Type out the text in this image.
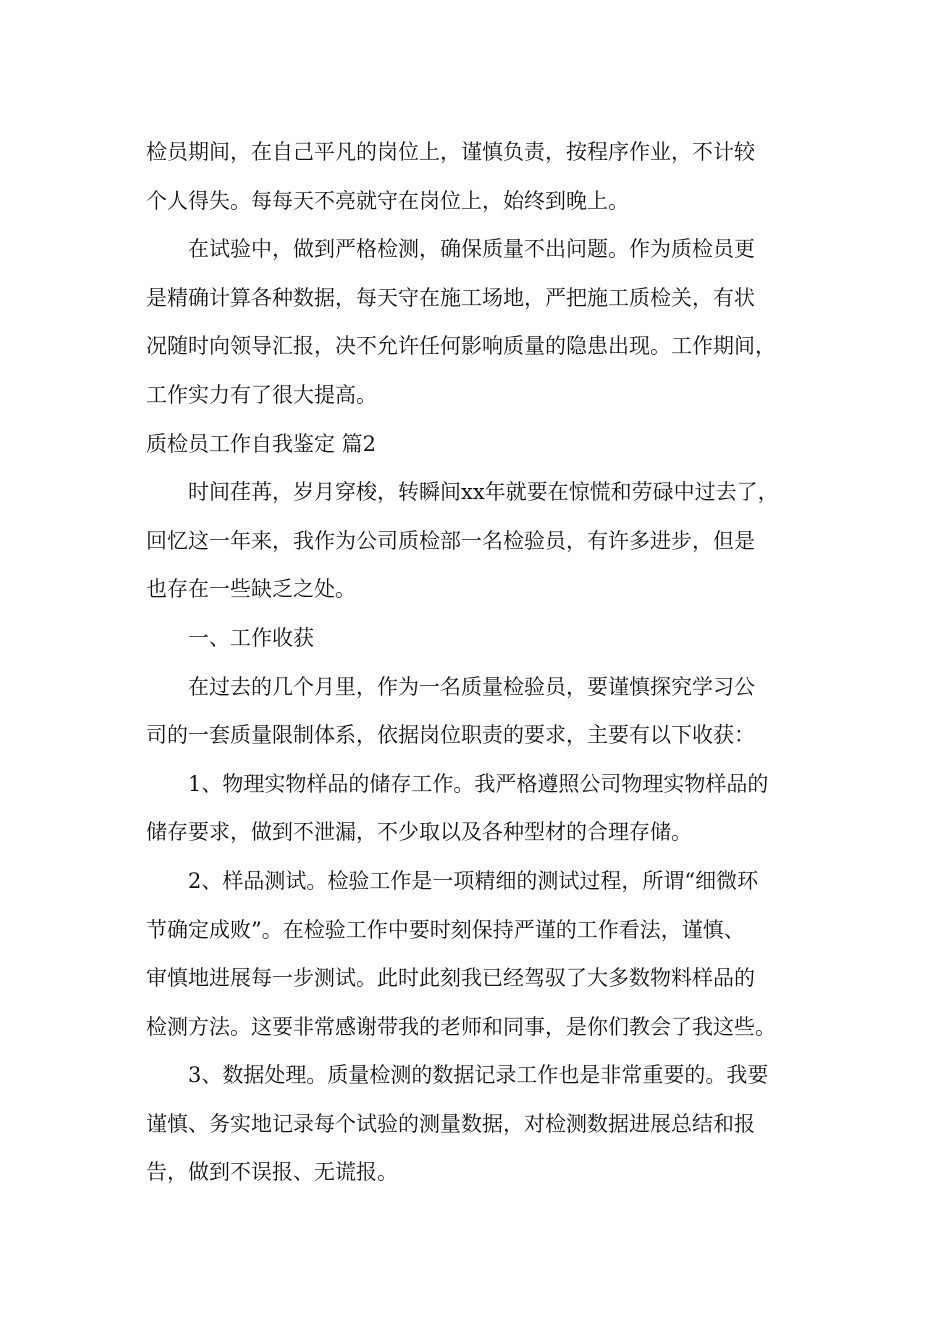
检员期间，在自己平凡的岗位上，谨慎负责，按程序作业，不计较

个人得失。每每天不亮就守在岗位上，始终到晚上。

在试验中，做到严格检测，确保质量不出问题。作为质检员更

是精确计算各种数据，每天守在施工场地，严把施工质检关，有状

况随时向领导汇报，决不允许任何影响质量的隐患出现。工作期间，

工作实力有了很大提高。

质检员工作自我鉴定 篇2

时间荏苒，岁月穿梭，转瞬间xx年就要在惊慌和劳碌中过去了，

回忆这一年来，我作为公司质检部一名检验员，有许多进步，但是

也存在一些缺乏之处。

一、工作收获

在过去的几个月里，作为一名质量检验员，要谨慎探究学习公

司的一套质量限制体系，依据岗位职责的要求，主要有以下收获：

1、物理实物样品的储存工作。我严格遵照公司物理实物样品的

储存要求，做到不泄漏，不少取以及各种型材的合理存储。

2、样品测试。检验工作是一项精细的测试过程，所谓“细微环

节确定成败”。在检验工作中要时刻保持严谨的工作看法，谨慎、

审慎地进展每一步测试。此时此刻我已经驾驭了大多数物料样品的

检测方法。这要非常感谢带我的老师和同事，是你们教会了我这些。

3、数据处理。质量检测的数据记录工作也是非常重要的。我要

谨慎、务实地记录每个试验的测量数据，对检测数据进展总结和报

告，做到不误报、无谎报。
